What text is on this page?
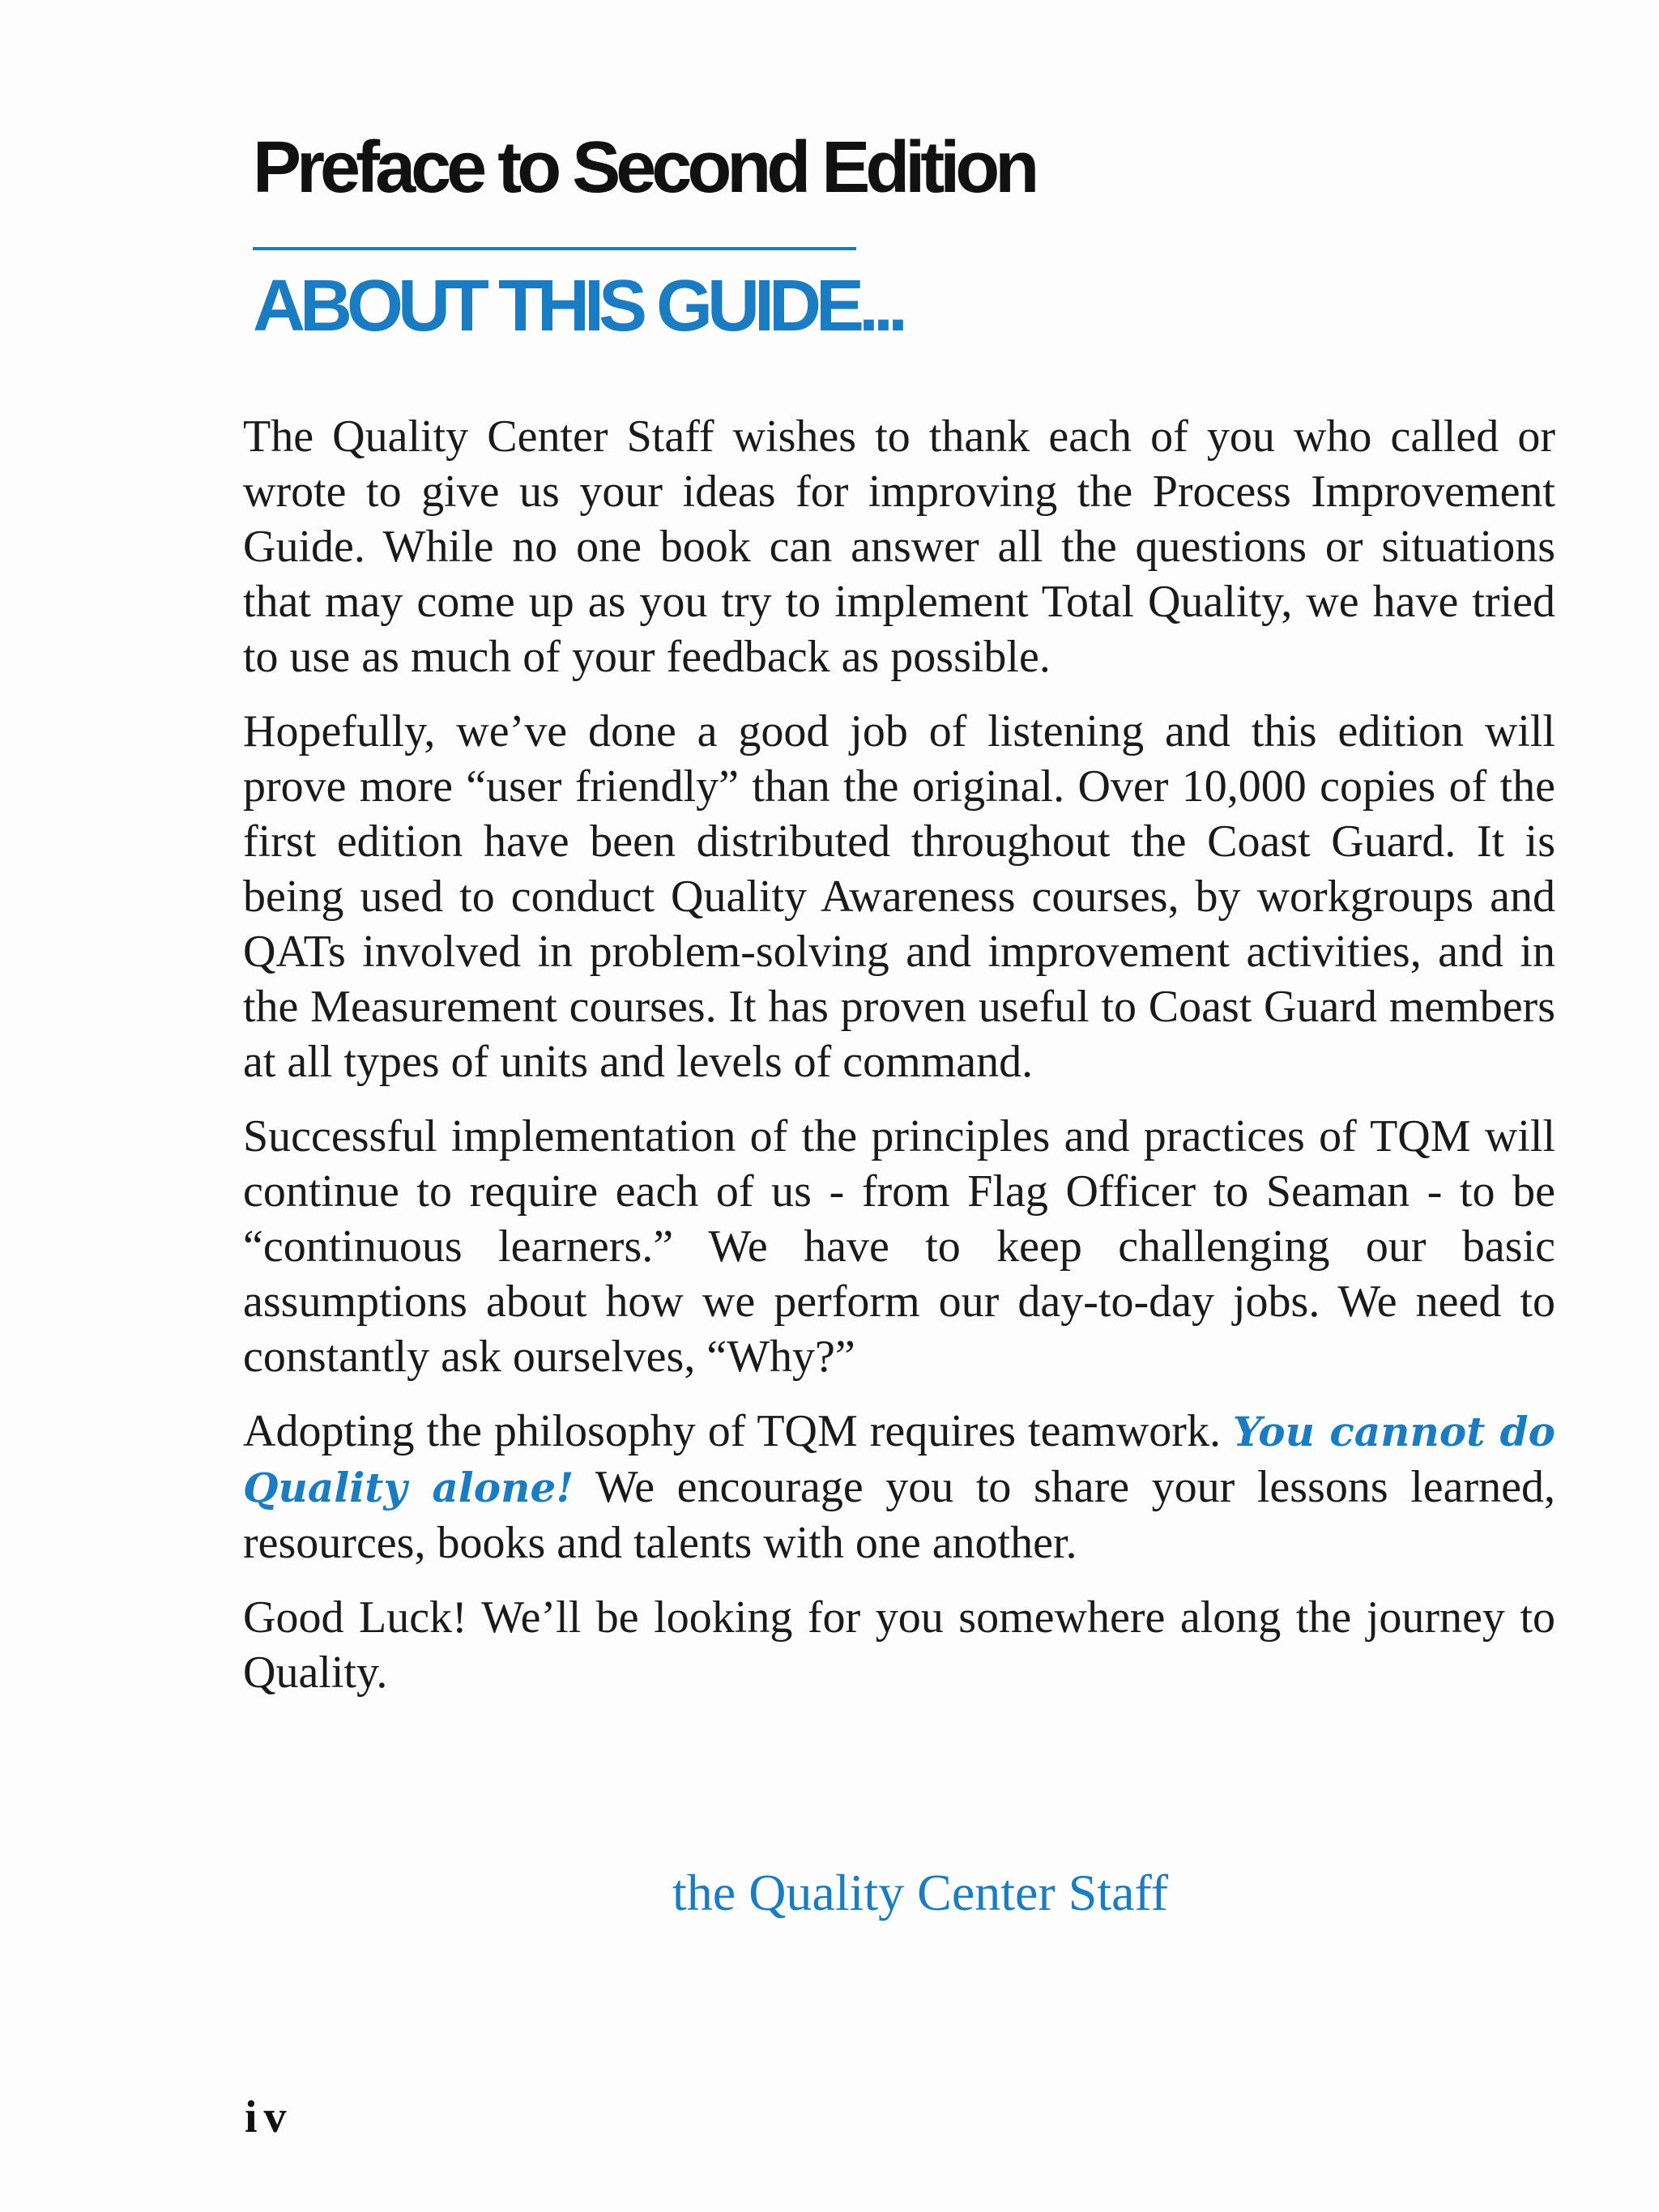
Preface to Second Edition
ABOUT THIS GUIDE...

The Quality Center Staff wishes to thank each of you who called or wrote to give us your ideas for improving the Process Improvement Guide. While no one book can answer all the questions or situations that may come up as you try to implement Total Quality, we have tried to use as much of your feedback as possible.

Hopefully, we’ve done a good job of listening and this edition will prove more “user friendly” than the original. Over 10,000 copies of the first edition have been distributed throughout the Coast Guard. It is being used to conduct Quality Awareness courses, by workgroups and QATs involved in problem-solving and improvement activities, and in the Measurement courses. It has proven useful to Coast Guard members at all types of units and levels of command.

Successful implementation of the principles and practices of TQM will continue to require each of us - from Flag Officer to Seaman - to be “continuous learners.” We have to keep challenging our basic assumptions about how we perform our day-to-day jobs. We need to constantly ask ourselves, “Why?”

Adopting the philosophy of TQM requires teamwork. You cannot do Quality alone! We encourage you to share your lessons learned, resources, books and talents with one another.

Good Luck! We’ll be looking for you somewhere along the journey to Quality.

the Quality Center Staff
iv
